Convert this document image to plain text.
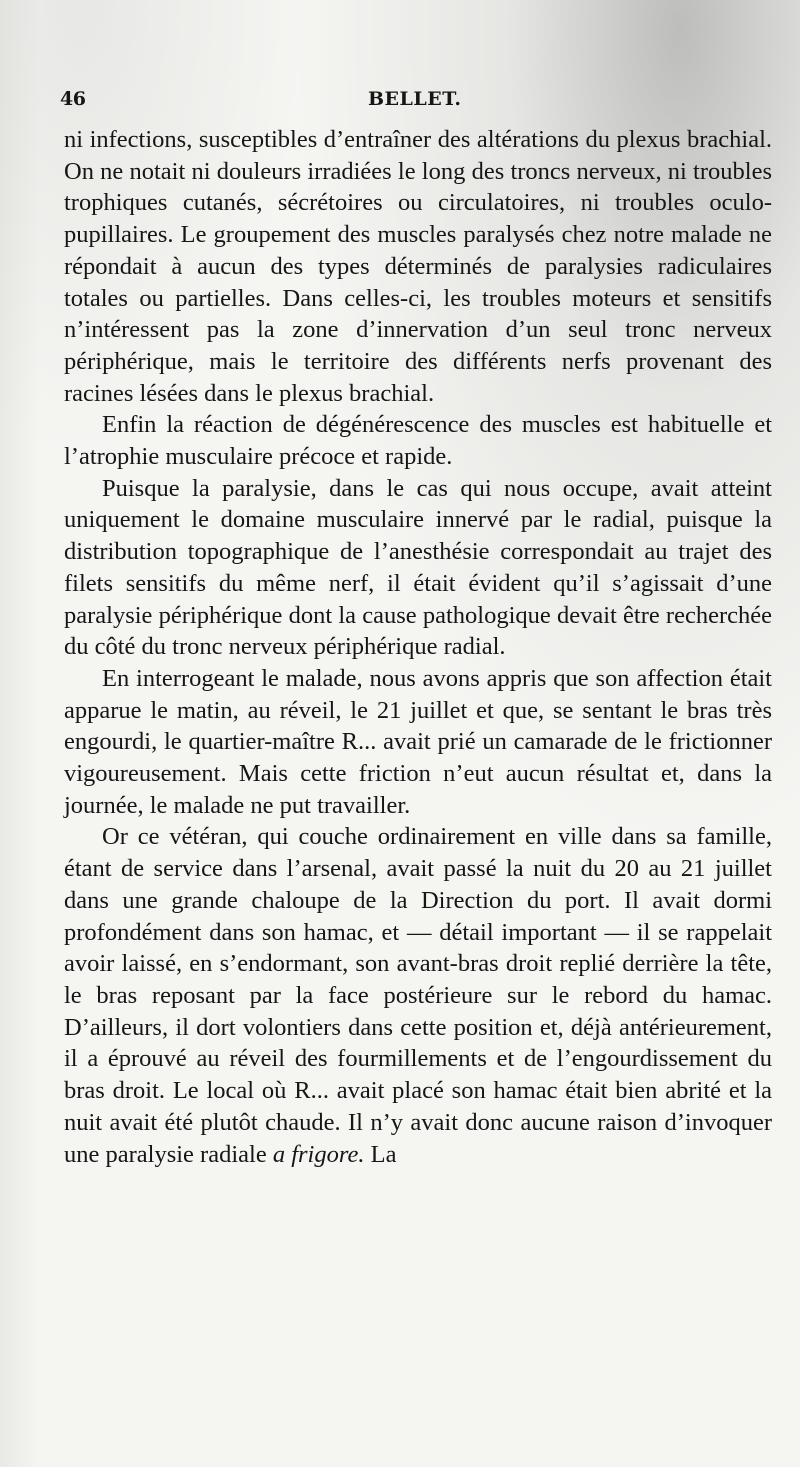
46	BELLET.

ni infections, susceptibles d’entraîner des altérations du plexus brachial. On ne notait ni douleurs irradiées le long des troncs nerveux, ni troubles trophiques cutanés, sécrétoires ou circulatoires, ni troubles oculo-pupillaires. Le groupement des muscles paralysés chez notre malade ne répondait à aucun des types déterminés de paralysies radiculaires totales ou partielles. Dans celles-ci, les troubles moteurs et sensitifs n’intéressent pas la zone d’innervation d’un seul tronc nerveux périphérique, mais le territoire des différents nerfs provenant des racines lésées dans le plexus brachial.

Enfin la réaction de dégénérescence des muscles est habituelle et l’atrophie musculaire précoce et rapide.

Puisque la paralysie, dans le cas qui nous occupe, avait atteint uniquement le domaine musculaire innervé par le radial, puisque la distribution topographique de l’anesthésie correspondait au trajet des filets sensitifs du même nerf, il était évident qu’il s’agissait d’une paralysie périphérique dont la cause pathologique devait être recherchée du côté du tronc nerveux périphérique radial.

En interrogeant le malade, nous avons appris que son affection était apparue le matin, au réveil, le 21 juillet et que, se sentant le bras très engourdi, le quartier-maître R... avait prié un camarade de le frictionner vigoureusement. Mais cette friction n’eut aucun résultat et, dans la journée, le malade ne put travailler.

Or ce vétéran, qui couche ordinairement en ville dans sa famille, étant de service dans l’arsenal, avait passé la nuit du 20 au 21 juillet dans une grande chaloupe de la Direction du port. Il avait dormi profondément dans son hamac, et — détail important — il se rappelait avoir laissé, en s’endormant, son avant-bras droit replié derrière la tête, le bras reposant par la face postérieure sur le rebord du hamac. D’ailleurs, il dort volontiers dans cette position et, déjà antérieurement, il a éprouvé au réveil des fourmillements et de l’engourdissement du bras droit. Le local où R... avait placé son hamac était bien abrité et la nuit avait été plutôt chaude. Il n’y avait donc aucune raison d’invoquer une paralysie radiale a frigore. La
